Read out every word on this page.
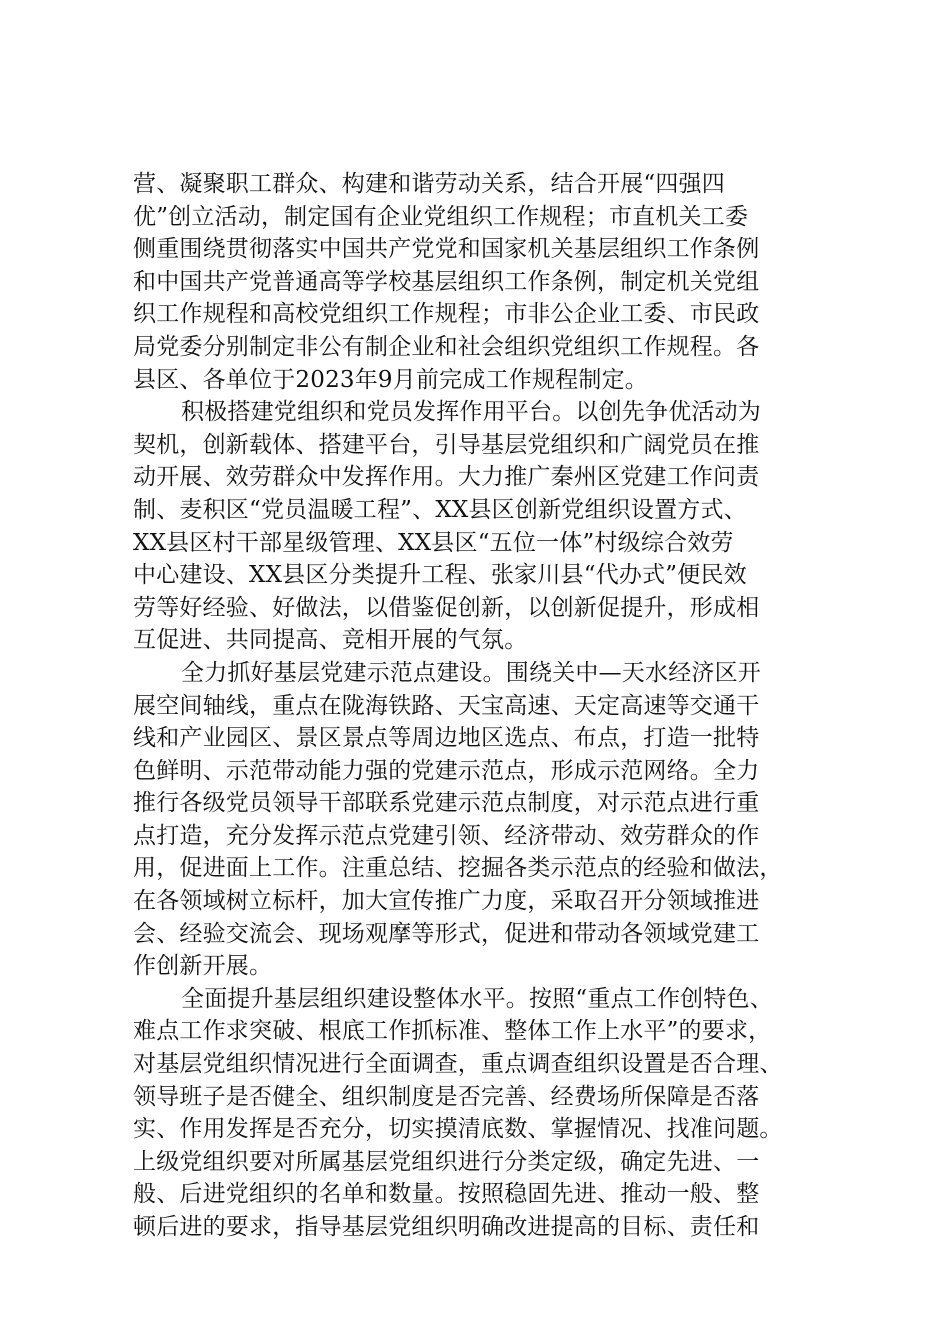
营、凝聚职工群众、构建和谐劳动关系，结合开展“四强四
优”创立活动，制定国有企业党组织工作规程；市直机关工委
侧重围绕贯彻落实中国共产党党和国家机关基层组织工作条例
和中国共产党普通高等学校基层组织工作条例，制定机关党组
织工作规程和高校党组织工作规程；市非公企业工委、市民政
局党委分别制定非公有制企业和社会组织党组织工作规程。各
县区、各单位于2023年9月前完成工作规程制定。
积极搭建党组织和党员发挥作用平台。以创先争优活动为
契机，创新载体、搭建平台，引导基层党组织和广阔党员在推
动开展、效劳群众中发挥作用。大力推广秦州区党建工作问责
制、麦积区“党员温暖工程”、XX县区创新党组织设置方式、
XX县区村干部星级管理、XX县区“五位一体”村级综合效劳
中心建设、XX县区分类提升工程、张家川县“代办式”便民效
劳等好经验、好做法，以借鉴促创新，以创新促提升，形成相
互促进、共同提高、竞相开展的气氛。
全力抓好基层党建示范点建设。围绕关中—天水经济区开
展空间轴线，重点在陇海铁路、天宝高速、天定高速等交通干
线和产业园区、景区景点等周边地区选点、布点，打造一批特
色鲜明、示范带动能力强的党建示范点，形成示范网络。全力
推行各级党员领导干部联系党建示范点制度，对示范点进行重
点打造，充分发挥示范点党建引领、经济带动、效劳群众的作
用，促进面上工作。注重总结、挖掘各类示范点的经验和做法，
在各领域树立标杆，加大宣传推广力度，采取召开分领域推进
会、经验交流会、现场观摩等形式，促进和带动各领域党建工
作创新开展。
全面提升基层组织建设整体水平。按照“重点工作创特色、
难点工作求突破、根底工作抓标准、整体工作上水平”的要求，
对基层党组织情况进行全面调查，重点调查组织设置是否合理、
领导班子是否健全、组织制度是否完善、经费场所保障是否落
实、作用发挥是否充分，切实摸清底数、掌握情况、找准问题。
上级党组织要对所属基层党组织进行分类定级，确定先进、一
般、后进党组织的名单和数量。按照稳固先进、推动一般、整
顿后进的要求，指导基层党组织明确改进提高的目标、责任和
